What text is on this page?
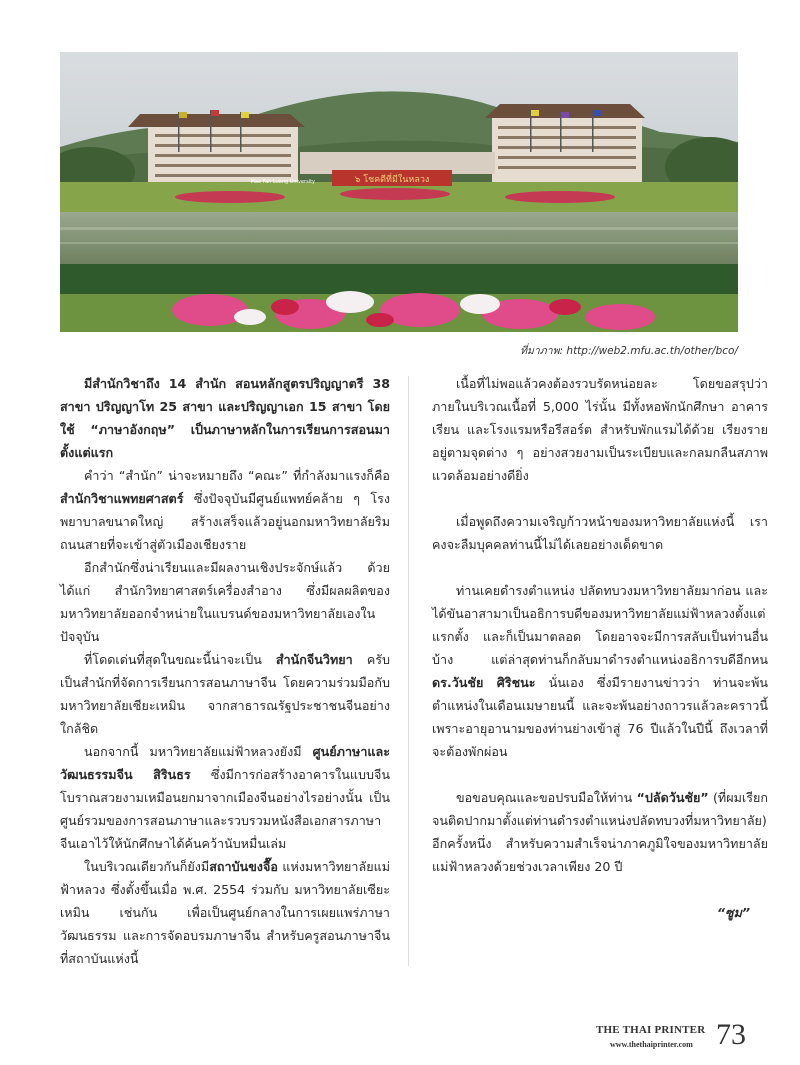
๖ โชคดีที่มีในหลวง
Mae Fah Luang University
ที่มาภาพ: http://web2.mfu.ac.th/other/bco/

มีสำนักวิชาถึง 14 สำนัก สอนหลักสูตรปริญญาตรี 38 สาขา ปริญญาโท 25 สาขา และปริญญาเอก 15 สาขา โดยใช้ “ภาษาอังกฤษ” เป็นภาษาหลักในการเรียนการสอนมาตั้งแต่แรก

คำว่า “สำนัก” น่าจะหมายถึง “คณะ” ที่กำลังมาแรงก็คือสำนักวิชาแพทยศาสตร์ ซึ่งปัจจุบันมีศูนย์แพทย์คล้าย ๆ โรงพยาบาลขนาดใหญ่ สร้างเสร็จแล้วอยู่นอกมหาวิทยาลัยริมถนนสายที่จะเข้าสู่ตัวเมืองเชียงราย

อีกสำนักซึ่งน่าเรียนและมีผลงานเชิงประจักษ์แล้ว ด้วย ได้แก่ สำนักวิทยาศาสตร์เครื่องสำอาง ซึ่งมีผลผลิตของมหาวิทยาลัยออกจำหน่ายในแบรนด์ของมหาวิทยาลัยเองในปัจจุบัน

ที่โดดเด่นที่สุดในขณะนี้น่าจะเป็น สำนักจีนวิทยา ครับ เป็นสำนักที่จัดการเรียนการสอนภาษาจีน โดยความร่วมมือกับมหาวิทยาลัยเซียะเหมิน จากสาธารณรัฐประชาชนจีนอย่างใกล้ชิด

นอกจากนี้ มหาวิทยาลัยแม่ฟ้าหลวงยังมี ศูนย์ภาษาและวัฒนธรรมจีน สิรินธร ซึ่งมีการก่อสร้างอาคารในแบบจีนโบราณสวยงามเหมือนยกมาจากเมืองจีนอย่างไรอย่างนั้น เป็นศูนย์รวมของการสอนภาษาและรวบรวมหนังสือเอกสารภาษาจีนเอาไว้ให้นักศึกษาได้ค้นคว้านับหมื่นเล่ม

ในบริเวณเดียวกันก็ยังมีสถาบันขงจื๊อ แห่งมหาวิทยาลัยแม่ฟ้าหลวง ซึ่งตั้งขึ้นเมื่อ พ.ศ. 2554 ร่วมกับ มหาวิทยาลัยเซียะเหมิน เช่นกัน เพื่อเป็นศูนย์กลางในการเผยแพร่ภาษาวัฒนธรรม และการจัดอบรมภาษาจีน สำหรับครูสอนภาษาจีนที่สถาบันแห่งนี้

เนื้อที่ไม่พอแล้วคงต้องรวบรัดหน่อยละ โดยขอสรุปว่าภายในบริเวณเนื้อที่ 5,000 ไร่นั้น มีทั้งหอพักนักศึกษา อาคารเรียน และโรงแรมหรือรีสอร์ต สำหรับพักแรมได้ด้วย เรียงรายอยู่ตามจุดต่าง ๆ อย่างสวยงามเป็นระเบียบและกลมกลืนสภาพแวดล้อมอย่างดียิ่ง

เมื่อพูดถึงความเจริญก้าวหน้าของมหาวิทยาลัยแห่งนี้ เราคงจะลืมบุคคลท่านนี้ไม่ได้เลยอย่างเด็ดขาด

ท่านเคยดำรงตำแหน่ง ปลัดทบวงมหาวิทยาลัยมาก่อน และได้ขันอาสามาเป็นอธิการบดีของมหาวิทยาลัยแม่ฟ้าหลวงตั้งแต่แรกตั้ง และก็เป็นมาตลอด โดยอาจจะมีการสลับเป็นท่านอื่นบ้าง แต่ล่าสุดท่านก็กลับมาดำรงตำแหน่งอธิการบดีอีกหน ดร.วันชัย ศิริชนะ นั่นเอง ซึ่งมีรายงานข่าวว่า ท่านจะพ้นตำแหน่งในเดือนเมษายนนี้ และจะพ้นอย่างถาวรแล้วละคราวนี้ เพราะอายุอานามของท่านย่างเข้าสู่ 76 ปีแล้วในปีนี้ ถึงเวลาที่จะต้องพักผ่อน

ขอขอบคุณและขอปรบมือให้ท่าน “ปลัดวันชัย” (ที่ผมเรียกจนติดปากมาตั้งแต่ท่านดำรงตำแหน่งปลัดทบวงที่มหาวิทยาลัย) อีกครั้งหนึ่ง สำหรับความสำเร็จน่าภาคภูมิใจของมหาวิทยาลัยแม่ฟ้าหลวงด้วยช่วงเวลาเพียง 20 ปี

“ซูม”
THE THAI PRINTER
www.thethaiprinter.com 73
